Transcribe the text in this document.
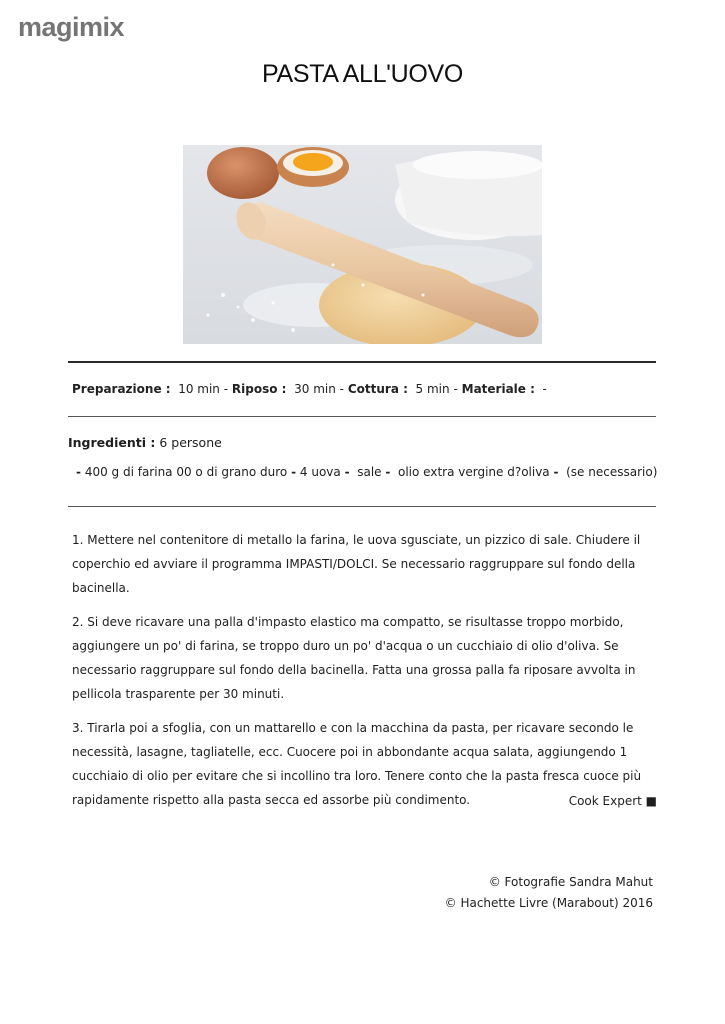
magimix
PASTA ALL'UOVO
Preparazione : 10 min - Riposo : 30 min - Cottura : 5 min - Materiale : -
Ingredienti : 6 persone
- 400 g di farina 00 o di grano duro - 4 uova - sale - olio extra vergine d?oliva - (se necessario)

1. Mettere nel contenitore di metallo la farina, le uova sgusciate, un pizzico di sale. Chiudere il coperchio ed avviare il programma IMPASTI/DOLCI. Se necessario raggruppare sul fondo della bacinella.

2. Si deve ricavare una palla d'impasto elastico ma compatto, se risultasse troppo morbido, aggiungere un po' di farina, se troppo duro un po' d'acqua o un cucchiaio di olio d'oliva. Se necessario raggruppare sul fondo della bacinella. Fatta una grossa palla fa riposare avvolta in pellicola trasparente per 30 minuti.

3. Tirarla poi a sfoglia, con un mattarello e con la macchina da pasta, per ricavare secondo le necessità, lasagne, tagliatelle, ecc. Cuocere poi in abbondante acqua salata, aggiungendo 1 cucchiaio di olio per evitare che si incollino tra loro. Tenere conto che la pasta fresca cuoce più rapidamente rispetto alla pasta secca ed assorbe più condimento.	Cook Expert ■
© Fotografie Sandra Mahut
© Hachette Livre (Marabout) 2016
